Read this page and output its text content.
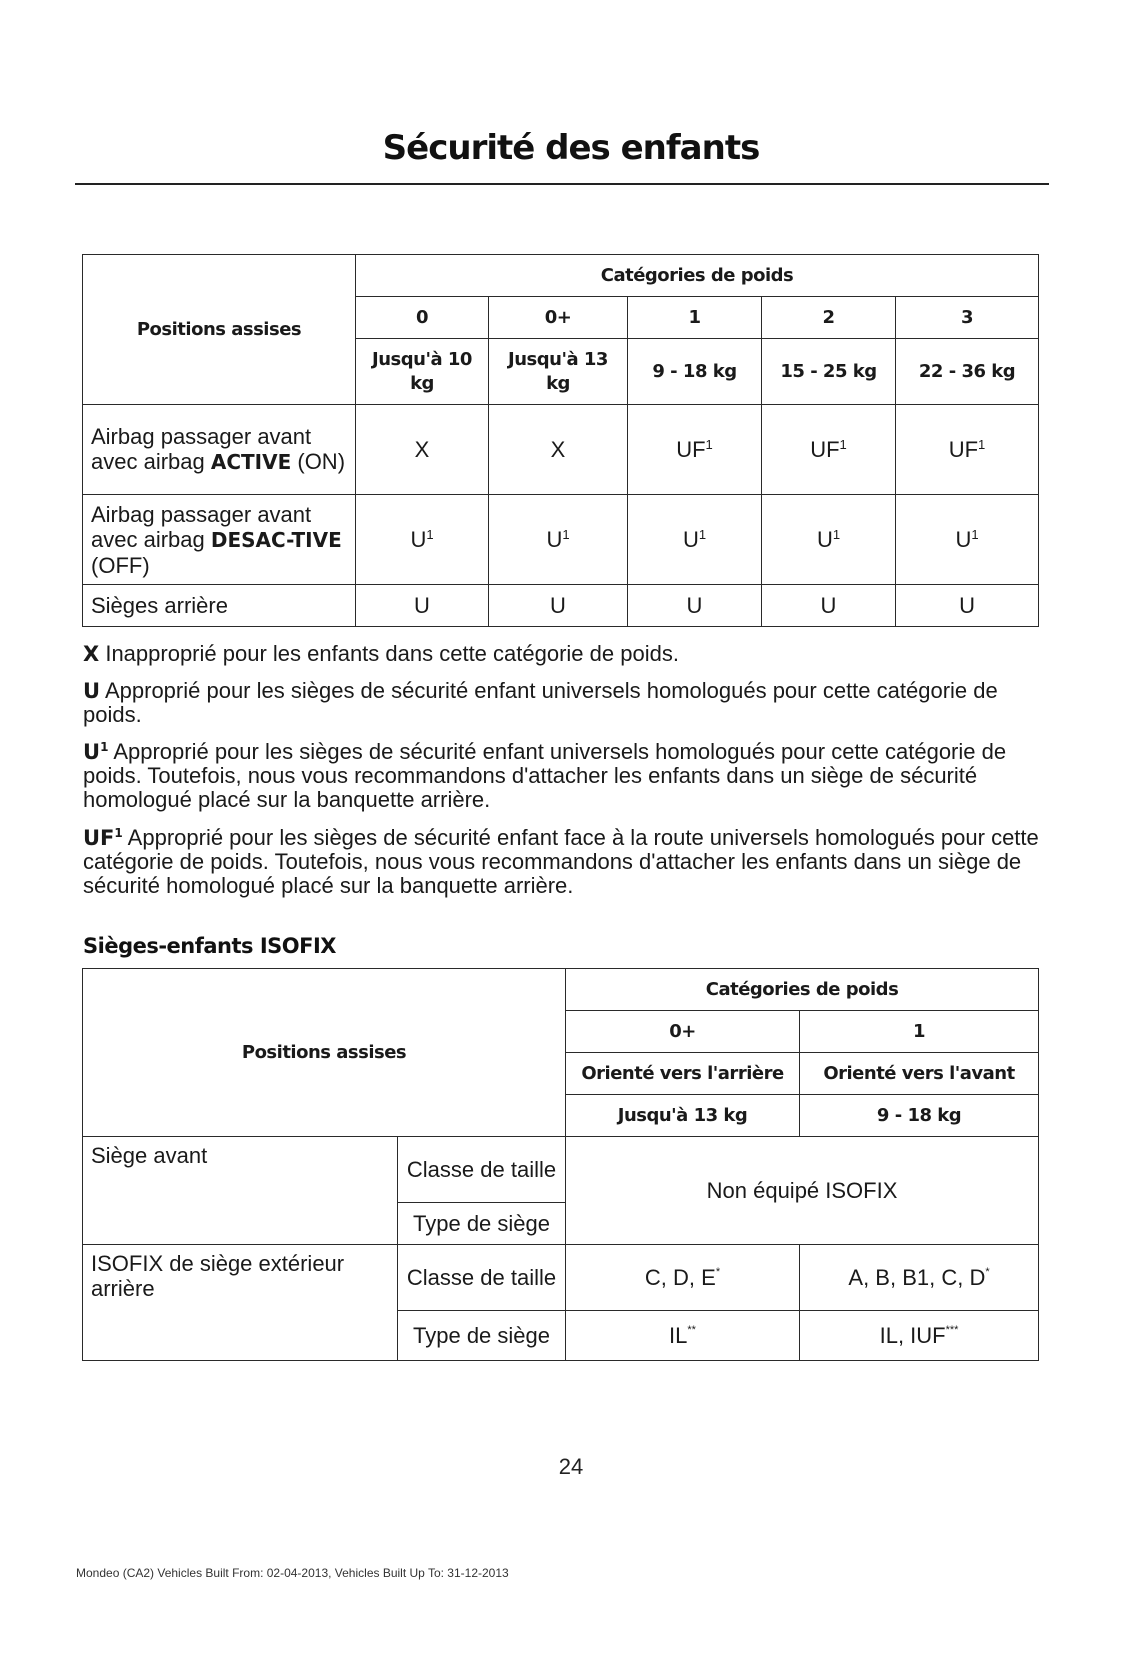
Sécurité des enfants
Positions assises	Catégories de poids				
	0	0+	1	2	3
	Jusqu'à 10 kg	Jusqu'à 13 kg	9 - 18 kg	15 - 25 kg	22 - 36 kg
Airbag passager avant avec airbag ACTIVE (ON)	X	X	$UF^1$	$UF^1$	$UF^1$
Airbag passager avant avec airbag DESAC-TIVE (OFF)	$U^1$	$U^1$	$U^1$	$U^1$	$U^1$
Sièges arrière	U	U	U	U	U
X Inapproprié pour les enfants dans cette catégorie de poids.
U Approprié pour les sièges de sécurité enfant universels homologués pour cette catégorie de poids.
$U^1$ Approprié pour les sièges de sécurité enfant universels homologués pour cette catégorie de poids. Toutefois, nous vous recommandons d'attacher les enfants dans un siège de sécurité homologué placé sur la banquette arrière.
$UF^1$ Approprié pour les sièges de sécurité enfant face à la route universels homologués pour cette catégorie de poids. Toutefois, nous vous recommandons d'attacher les enfants dans un siège de sécurité homologué placé sur la banquette arrière.
Sièges-enfants ISOFIX
Positions assises		Catégories de poids	
		0+	1
		Orienté vers l'arrière	Orienté vers l'avant
		Jusqu'à 13 kg	9 - 18 kg
Siège avant	Classe de taille	Non équipé ISOFIX	
	Type de siège		
ISOFIX de siège extérieur arrière	Classe de taille	C, D, E*	A, B, B1, C, D*
	Type de siège	IL**	IL, IUF***
24
Mondeo (CA2) Vehicles Built From: 02-04-2013, Vehicles Built Up To: 31-12-2013
